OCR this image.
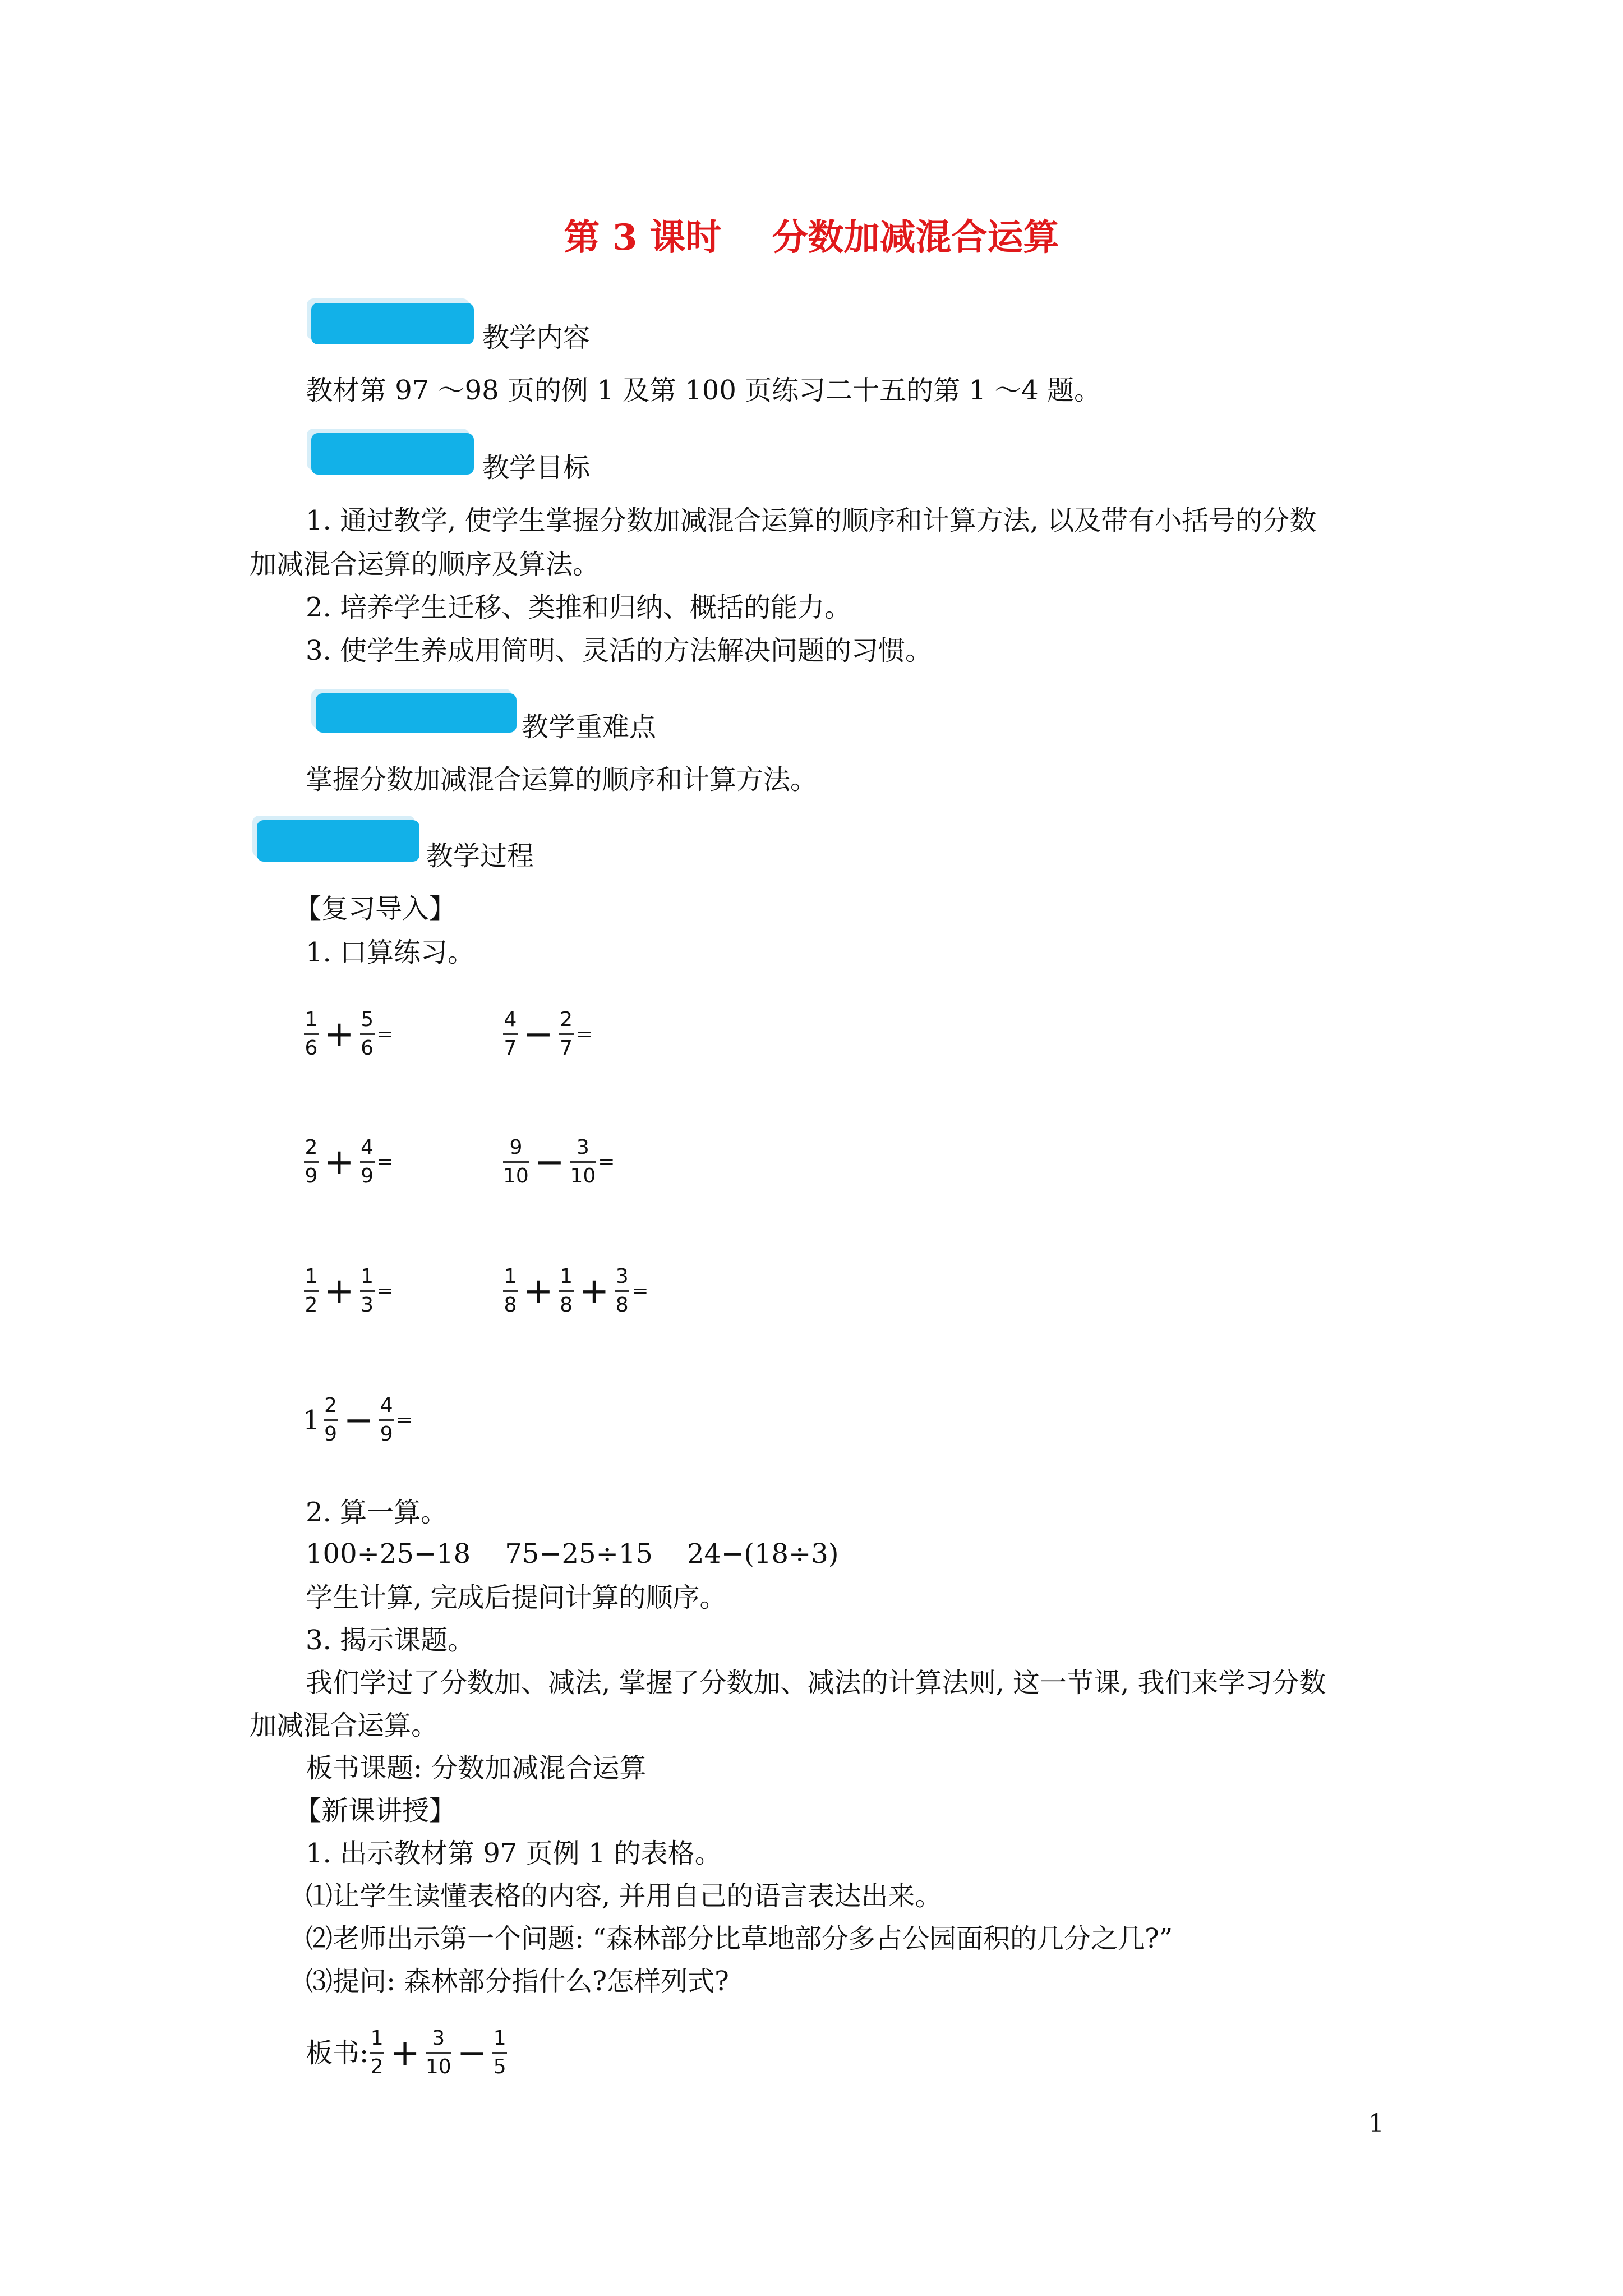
第 3 课时 分数加减混合运算
教学内容
教材第 97 ～98 页的例 1 及第 100 页练习二十五的第 1 ～4 题。
教学目标
1. 通过教学, 使学生掌握分数加减混合运算的顺序和计算方法, 以及带有小括号的分数
加减混合运算的顺序及算法。
2. 培养学生迁移、类推和归纳、概括的能力。
3. 使学生养成用简明、灵活的方法解决问题的习惯。
教学重难点
掌握分数加减混合运算的顺序和计算方法。
教学过程
【复习导入】
1. 口算练习。
$\frac{1}{6} + \frac{5}{6}$ =	$\frac{4}{7} - \frac{2}{7}$ =
$\frac{2}{9} + \frac{4}{9}$ =	$\frac{9}{10} - \frac{3}{10}$ =
$\frac{1}{2} + \frac{1}{3}$ =	$\frac{1}{8} + \frac{1}{8} + \frac{3}{8}$ =
$1 \frac{2}{9} - \frac{4}{9}$ =
2. 算一算。
100÷25−18    75−25÷15    24−(18÷3)
学生计算, 完成后提问计算的顺序。
3. 揭示课题。
我们学过了分数加、减法, 掌握了分数加、减法的计算法则, 这一节课, 我们来学习分数
加减混合运算。
板书课题: 分数加减混合运算
【新课讲授】
1. 出示教材第 97 页例 1 的表格。
⑴让学生读懂表格的内容, 并用自己的语言表达出来。
⑵老师出示第一个问题: “森林部分比草地部分多占公园面积的几分之几?”
⑶提问: 森林部分指什么?怎样列式?
板书: $\frac{1}{2} + \frac{3}{10} - \frac{1}{5}$
1
